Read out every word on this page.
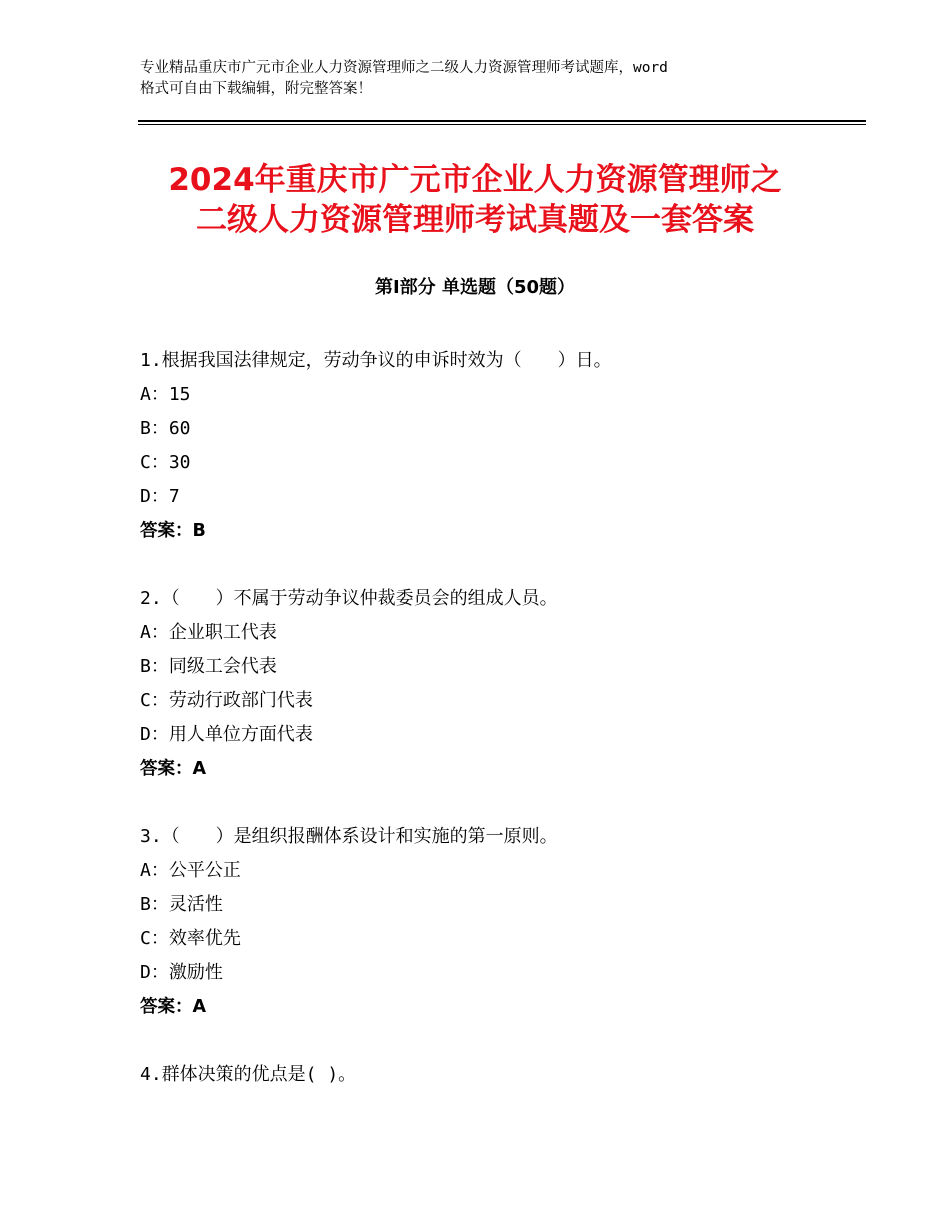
专业精品重庆市广元市企业人力资源管理师之二级人力资源管理师考试题库，word
格式可自由下载编辑，附完整答案！
2024年重庆市广元市企业人力资源管理师之
二级人力资源管理师考试真题及一套答案
第Ⅰ部分 单选题（50题）
1.根据我国法律规定，劳动争议的申诉时效为（　　）日。
A：15
B：60
C：30
D：7
答案：B
2.（　　）不属于劳动争议仲裁委员会的组成人员。
A：企业职工代表
B：同级工会代表
C：劳动行政部门代表
D：用人单位方面代表
答案：A
3.（　　）是组织报酬体系设计和实施的第一原则。
A：公平公正
B：灵活性
C：效率优先
D：激励性
答案：A
4.群体决策的优点是( )。
